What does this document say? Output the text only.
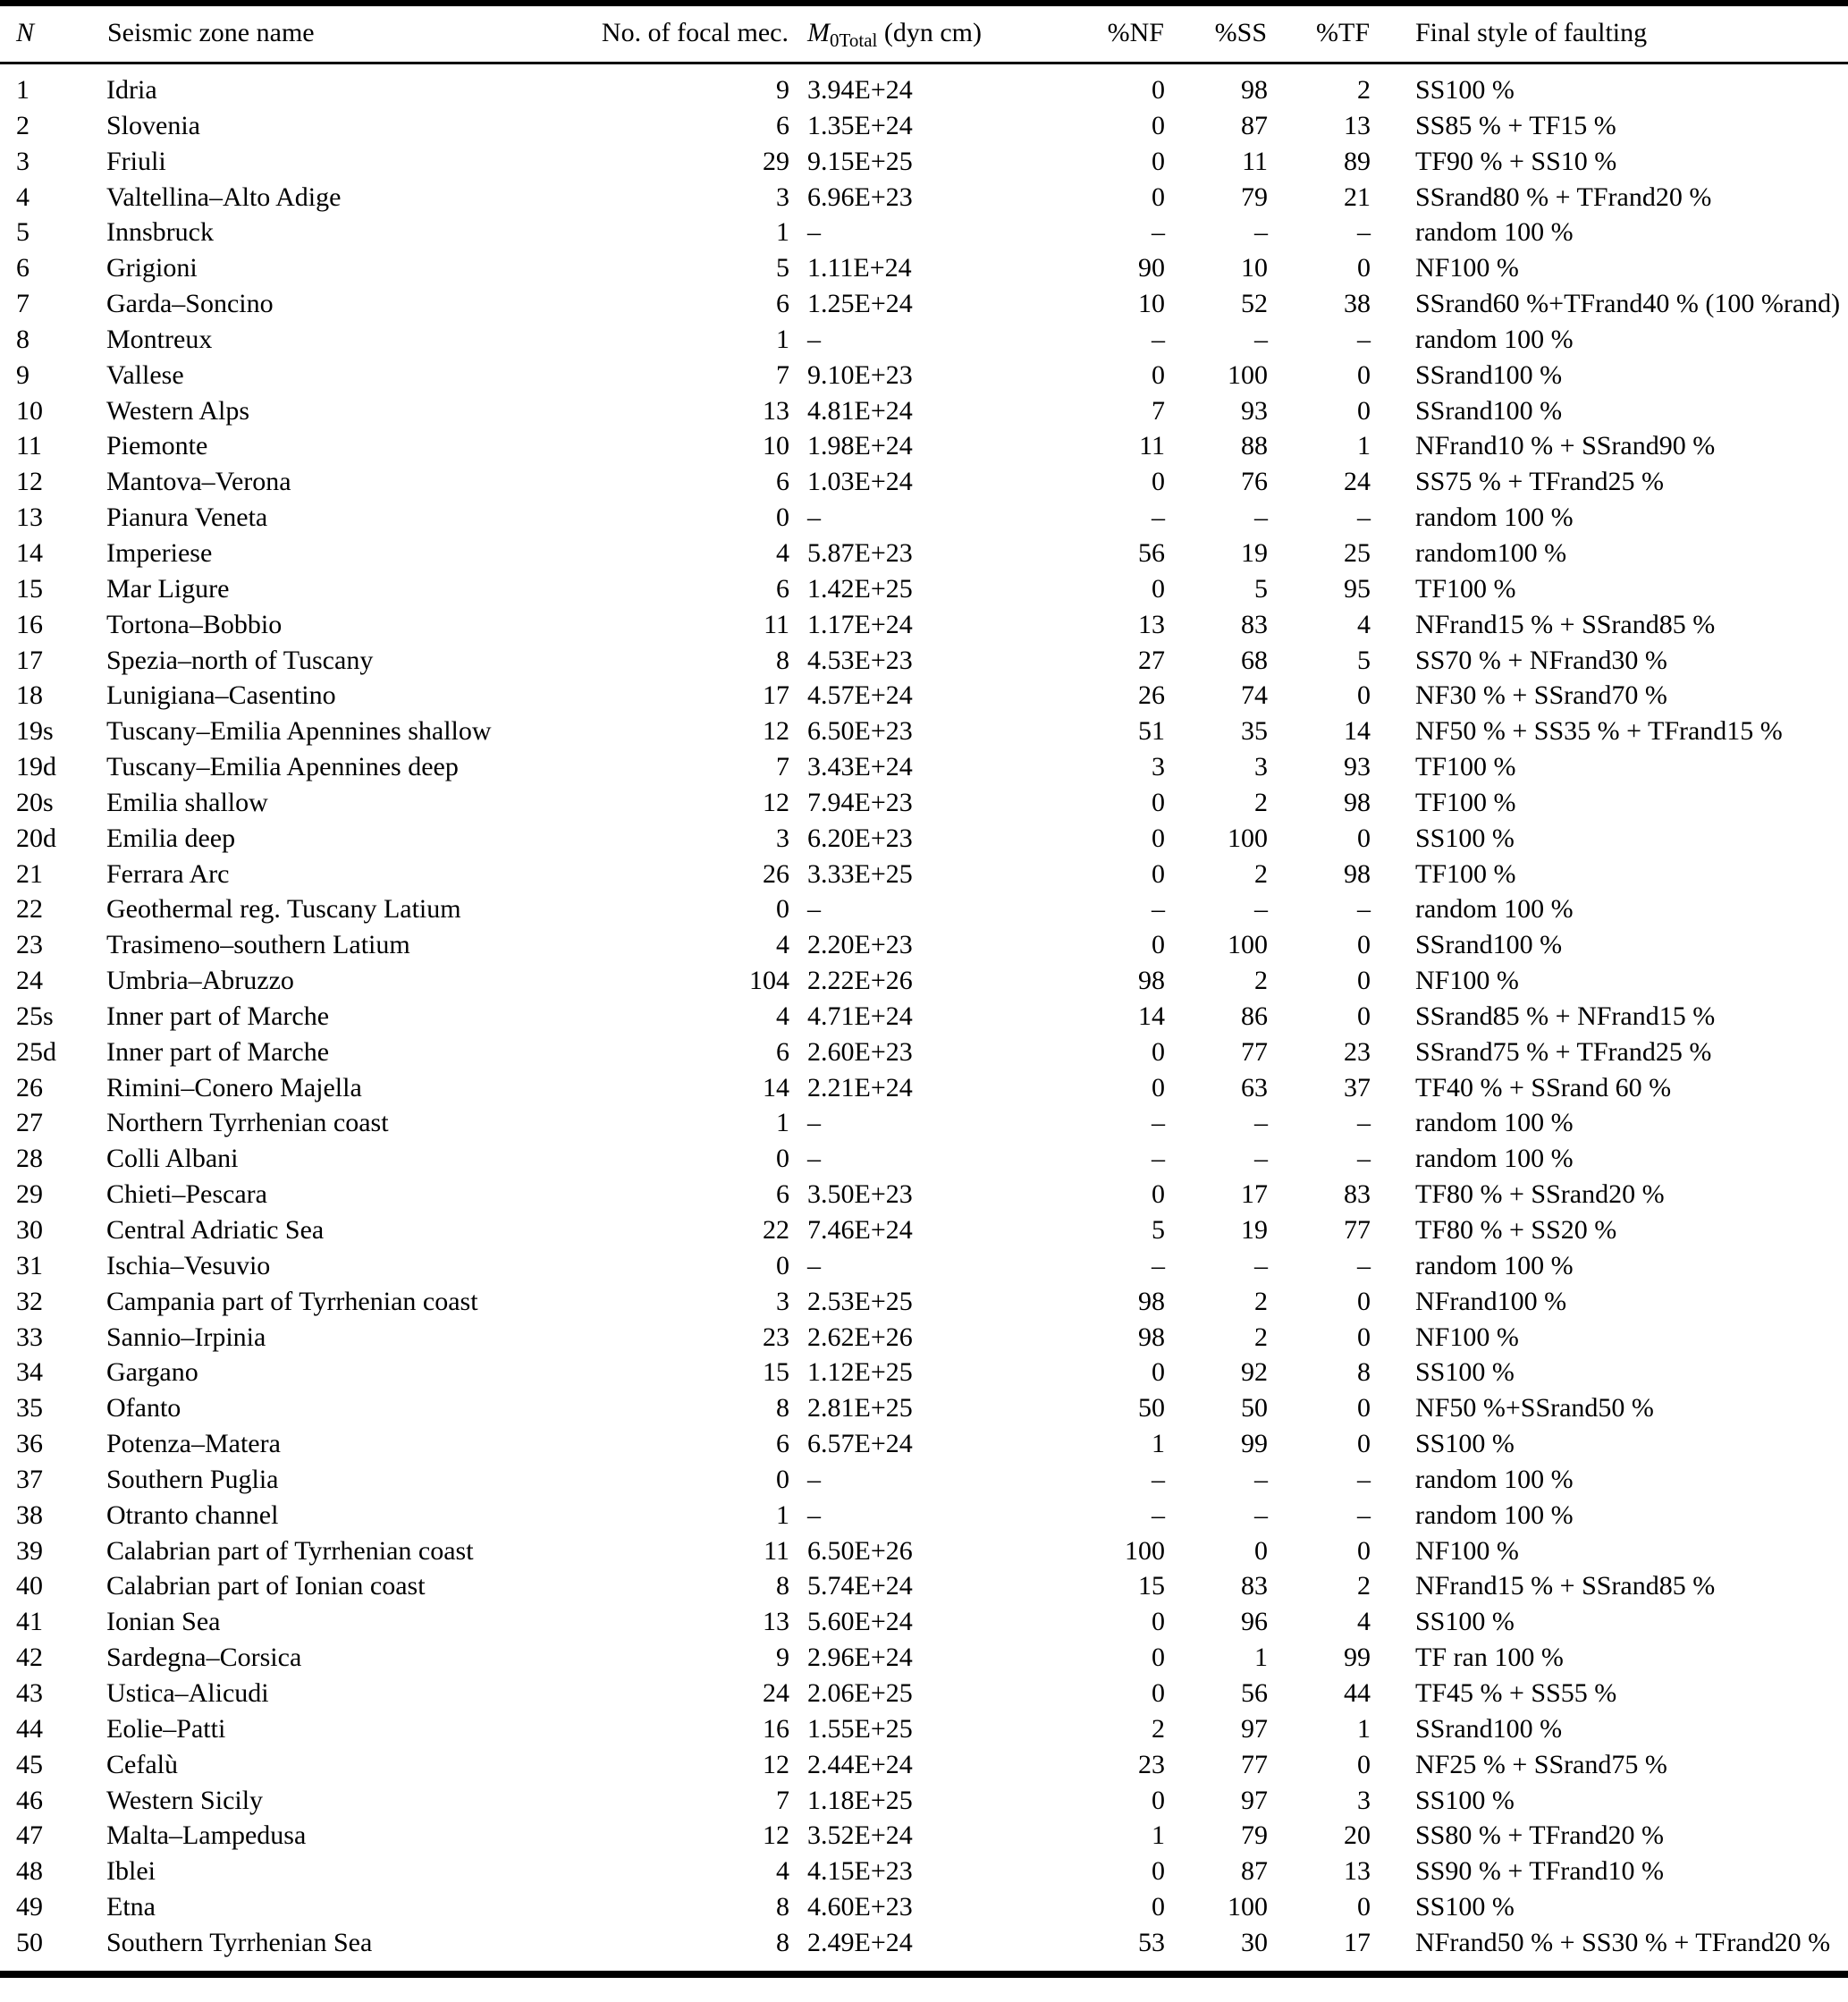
N	Seismic zone name	No. of focal mec.	$M_{0Total}$ (dyn cm)	%NF	%SS	%TF	Final style of faulting
1	Idria	9	3.94E+24	0	98	2	SS100 %
2	Slovenia	6	1.35E+24	0	87	13	SS85 % + TF15 %
3	Friuli	29	9.15E+25	0	11	89	TF90 % + SS10 %
4	Valtellina–Alto Adige	3	6.96E+23	0	79	21	SSrand80 % + TFrand20 %
5	Innsbruck	1	–	–	–	–	random 100 %
6	Grigioni	5	1.11E+24	90	10	0	NF100 %
7	Garda–Soncino	6	1.25E+24	10	52	38	SSrand60 %+TFrand40 % (100 %rand)
8	Montreux	1	–	–	–	–	random 100 %
9	Vallese	7	9.10E+23	0	100	0	SSrand100 %
10	Western Alps	13	4.81E+24	7	93	0	SSrand100 %
11	Piemonte	10	1.98E+24	11	88	1	NFrand10 % + SSrand90 %
12	Mantova–Verona	6	1.03E+24	0	76	24	SS75 % + TFrand25 %
13	Pianura Veneta	0	–	–	–	–	random 100 %
14	Imperiese	4	5.87E+23	56	19	25	random100 %
15	Mar Ligure	6	1.42E+25	0	5	95	TF100 %
16	Tortona–Bobbio	11	1.17E+24	13	83	4	NFrand15 % + SSrand85 %
17	Spezia–north of Tuscany	8	4.53E+23	27	68	5	SS70 % + NFrand30 %
18	Lunigiana–Casentino	17	4.57E+24	26	74	0	NF30 % + SSrand70 %
19s	Tuscany–Emilia Apennines shallow	12	6.50E+23	51	35	14	NF50 % + SS35 % + TFrand15 %
19d	Tuscany–Emilia Apennines deep	7	3.43E+24	3	3	93	TF100 %
20s	Emilia shallow	12	7.94E+23	0	2	98	TF100 %
20d	Emilia deep	3	6.20E+23	0	100	0	SS100 %
21	Ferrara Arc	26	3.33E+25	0	2	98	TF100 %
22	Geothermal reg. Tuscany Latium	0	–	–	–	–	random 100 %
23	Trasimeno–southern Latium	4	2.20E+23	0	100	0	SSrand100 %
24	Umbria–Abruzzo	104	2.22E+26	98	2	0	NF100 %
25s	Inner part of Marche	4	4.71E+24	14	86	0	SSrand85 % + NFrand15 %
25d	Inner part of Marche	6	2.60E+23	0	77	23	SSrand75 % + TFrand25 %
26	Rimini–Conero Majella	14	2.21E+24	0	63	37	TF40 % + SSrand 60 %
27	Northern Tyrrhenian coast	1	–	–	–	–	random 100 %
28	Colli Albani	0	–	–	–	–	random 100 %
29	Chieti–Pescara	6	3.50E+23	0	17	83	TF80 % + SSrand20 %
30	Central Adriatic Sea	22	7.46E+24	5	19	77	TF80 % + SS20 %
31	Ischia–Vesuvio	0	–	–	–	–	random 100 %
32	Campania part of Tyrrhenian coast	3	2.53E+25	98	2	0	NFrand100 %
33	Sannio–Irpinia	23	2.62E+26	98	2	0	NF100 %
34	Gargano	15	1.12E+25	0	92	8	SS100 %
35	Ofanto	8	2.81E+25	50	50	0	NF50 %+SSrand50 %
36	Potenza–Matera	6	6.57E+24	1	99	0	SS100 %
37	Southern Puglia	0	–	–	–	–	random 100 %
38	Otranto channel	1	–	–	–	–	random 100 %
39	Calabrian part of Tyrrhenian coast	11	6.50E+26	100	0	0	NF100 %
40	Calabrian part of Ionian coast	8	5.74E+24	15	83	2	NFrand15 % + SSrand85 %
41	Ionian Sea	13	5.60E+24	0	96	4	SS100 %
42	Sardegna–Corsica	9	2.96E+24	0	1	99	TF ran 100 %
43	Ustica–Alicudi	24	2.06E+25	0	56	44	TF45 % + SS55 %
44	Eolie–Patti	16	1.55E+25	2	97	1	SSrand100 %
45	Cefalù	12	2.44E+24	23	77	0	NF25 % + SSrand75 %
46	Western Sicily	7	1.18E+25	0	97	3	SS100 %
47	Malta–Lampedusa	12	3.52E+24	1	79	20	SS80 % + TFrand20 %
48	Iblei	4	4.15E+23	0	87	13	SS90 % + TFrand10 %
49	Etna	8	4.60E+23	0	100	0	SS100 %
50	Southern Tyrrhenian Sea	8	2.49E+24	53	30	17	NFrand50 % + SS30 % + TFrand20 %
